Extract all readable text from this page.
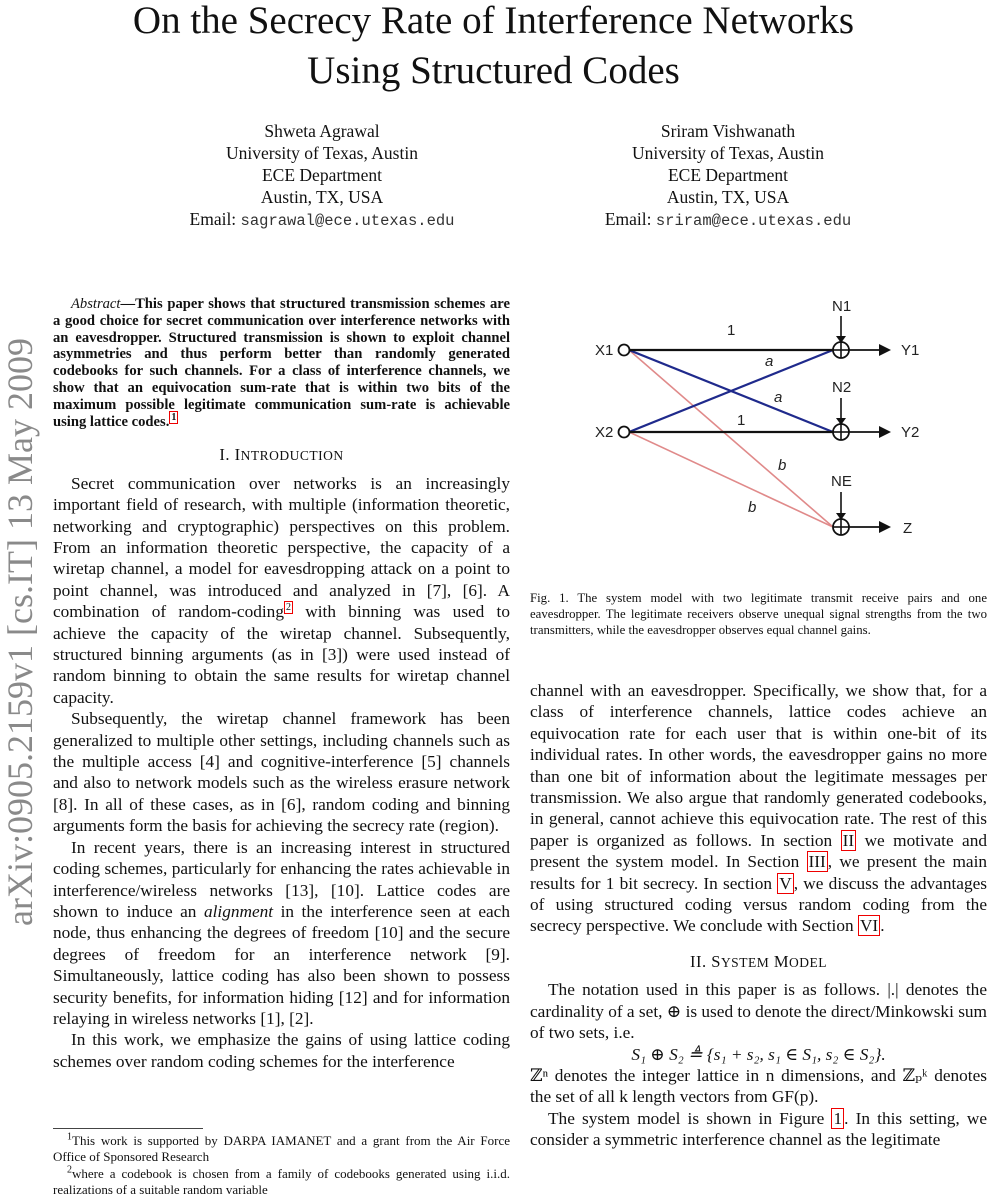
On the Secrecy Rate of Interference Networks
Using Structured Codes
Shweta Agrawal
University of Texas, Austin
ECE Department
Austin, TX, USA
Email: sagrawal@ece.utexas.edu
Sriram Vishwanath
University of Texas, Austin
ECE Department
Austin, TX, USA
Email: sriram@ece.utexas.edu
arXiv:0905.2159v1 [cs.IT] 13 May 2009

Abstract—This paper shows that structured transmission schemes are a good choice for secret communication over interference networks with an eavesdropper. Structured transmission is shown to exploit channel asymmetries and thus perform better than randomly generated codebooks for such channels. For a class of interference channels, we show that an equivocation sum-rate that is within two bits of the maximum possible legitimate communication sum-rate is achievable using lattice codes. $^1$

I. INTRODUCTION

Secret communication over networks is an increasingly important field of research, with multiple (information theoretic, networking and cryptographic) perspectives on this problem. From an information theoretic perspective, the capacity of a wiretap channel, a model for eavesdropping attack on a point to point channel, was introduced and analyzed in [7], [6]. A combination of random-coding $^2$ with binning was used to achieve the capacity of the wiretap channel. Subsequently, structured binning arguments (as in [3]) were used instead of random binning to obtain the same results for wiretap channel capacity.

Subsequently, the wiretap channel framework has been generalized to multiple other settings, including channels such as the multiple access [4] and cognitive-interference [5] channels and also to network models such as the wireless erasure network [8]. In all of these cases, as in [6], random coding and binning arguments form the basis for achieving the secrecy rate (region).

In recent years, there is an increasing interest in structured coding schemes, particularly for enhancing the rates achievable in interference/wireless networks [13], [10]. Lattice codes are shown to induce an alignment in the interference seen at each node, thus enhancing the degrees of freedom [10] and the secure degrees of freedom for an interference network [9]. Simultaneously, lattice coding has also been shown to possess security benefits, for information hiding [12] and for information relaying in wireless networks [1], [2].

In this work, we emphasize the gains of using lattice coding schemes over random coding schemes for the interference

$^1$This work is supported by DARPA IAMANET and a grant from the Air Force Office of Sponsored Research

$^2$where a codebook is chosen from a family of codebooks generated using i.i.d. realizations of a suitable random variable

X1
X2
N1
N2
NE
Y1
Y2
Z
1
1
a
a
b
b
Fig. 1. The system model with two legitimate transmit receive pairs and one eavesdropper. The legitimate receivers observe unequal signal strengths from the two transmitters, while the eavesdropper observes equal channel gains.

channel with an eavesdropper. Specifically, we show that, for a class of interference channels, lattice codes achieve an equivocation rate for each user that is within one-bit of its individual rates. In other words, the eavesdropper gains no more than one bit of information about the legitimate messages per transmission. We also argue that randomly generated codebooks, in general, cannot achieve this equivocation rate. The rest of this paper is organized as follows. In section II we motivate and present the system model. In Section III , we present the main results for 1 bit secrecy. In section V , we discuss the advantages of using structured coding versus random coding from the secrecy perspective. We conclude with Section VI .

II. SYSTEM MODEL

The notation used in this paper is as follows. |.| denotes the cardinality of a set, ⊕ is used to denote the direct/Minkowski sum of two sets, i.e.

S₁ ⊕ S₂ ≜ {s₁ + s₂, s₁ ∈ S₁, s₂ ∈ S₂}.

ℤⁿ denotes the integer lattice in n dimensions, and ℤₚᵏ denotes the set of all k length vectors from GF(p).

The system model is shown in Figure 1 . In this setting, we consider a symmetric interference channel as the legitimate
